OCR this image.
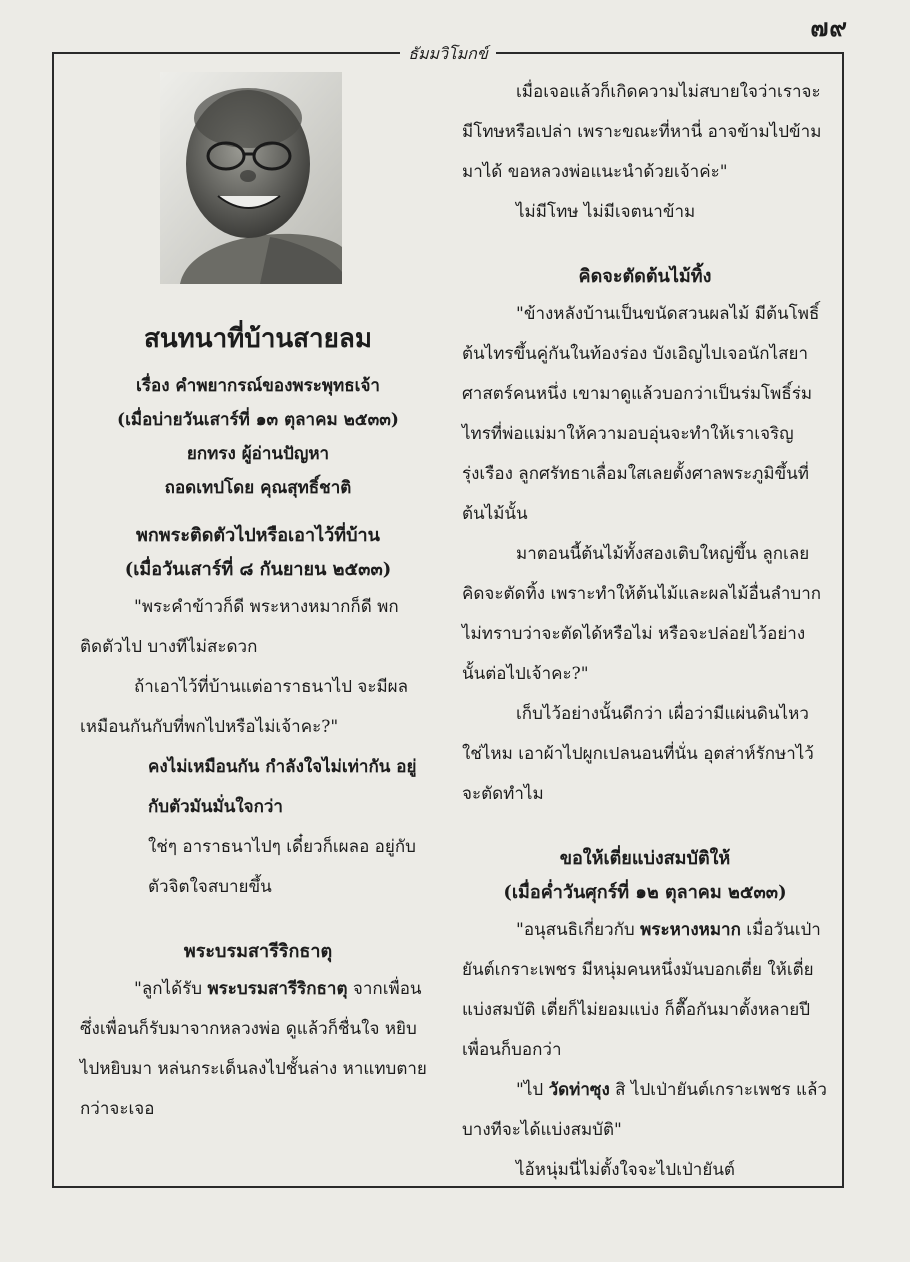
๗๙
ธัมมวิโมกข์
สนทนาที่บ้านสายลม
เรื่อง คำพยากรณ์ของพระพุทธเจ้า
(เมื่อบ่ายวันเสาร์ที่ ๑๓ ตุลาคม ๒๕๓๓)
ยกทรง ผู้อ่านปัญหา
ถอดเทปโดย คุณสุทธิ์ชาติ
พกพระติดตัวไปหรือเอาไว้ที่บ้าน
(เมื่อวันเสาร์ที่ ๘ กันยายน ๒๕๓๓)

"พระคำข้าวก็ดี พระหางหมากก็ดี พกติดตัวไป บางทีไม่สะดวก

ถ้าเอาไว้ที่บ้านแต่อาราธนาไป จะมีผลเหมือนกันกับที่พกไปหรือไม่เจ้าคะ?"

คงไม่เหมือนกัน กำลังใจไม่เท่ากัน อยู่กับตัวมันมั่นใจกว่า

ใช่ๆ อาราธนาไปๆ เดี๋ยวก็เผลอ อยู่กับตัวจิตใจสบายขึ้น

พระบรมสารีริกธาตุ

"ลูกได้รับ พระบรมสารีริกธาตุ จากเพื่อน ซึ่งเพื่อนก็รับมาจากหลวงพ่อ ดูแล้วก็ชื่นใจ หยิบไปหยิบมา หล่นกระเด็นลงไปชั้นล่าง หาแทบตายกว่าจะเจอ

เมื่อเจอแล้วก็เกิดความไม่สบายใจว่าเราจะมีโทษหรือเปล่า เพราะขณะที่หานี่ อาจข้ามไปข้ามมาได้ ขอหลวงพ่อแนะนำด้วยเจ้าค่ะ"

ไม่มีโทษ ไม่มีเจตนาข้าม

คิดจะตัดต้นไม้ทิ้ง

"ข้างหลังบ้านเป็นขนัดสวนผลไม้ มีต้นโพธิ์ต้นไทรขึ้นคู่กันในท้องร่อง บังเอิญไปเจอนักไสยาศาสตร์คนหนึ่ง เขามาดูแล้วบอกว่าเป็นร่มโพธิ์ร่มไทรที่พ่อแม่มาให้ความอบอุ่นจะทำให้เราเจริญรุ่งเรือง ลูกศรัทธาเลื่อมใสเลยตั้งศาลพระภูมิขึ้นที่ต้นไม้นั้น

มาตอนนี้ต้นไม้ทั้งสองเติบใหญ่ขึ้น ลูกเลยคิดจะตัดทิ้ง เพราะทำให้ต้นไม้และผลไม้อื่นลำบาก ไม่ทราบว่าจะตัดได้หรือไม่ หรือจะปล่อยไว้อย่างนั้นต่อไปเจ้าคะ?"

เก็บไว้อย่างนั้นดีกว่า เผื่อว่ามีแผ่นดินไหวใช่ไหม เอาผ้าไปผูกเปลนอนที่นั่น อุตส่าห์รักษาไว้ จะตัดทำไม

ขอให้เตี่ยแบ่งสมบัติให้
(เมื่อค่ำวันศุกร์ที่ ๑๒ ตุลาคม ๒๕๓๓)

"อนุสนธิเกี่ยวกับ พระหางหมาก เมื่อวันเป่ายันต์เกราะเพชร มีหนุ่มคนหนึ่งมันบอกเตี่ย ให้เตี่ยแบ่งสมบัติ เตี่ยก็ไม่ยอมแบ่ง ก็ตื๊อกันมาตั้งหลายปี เพื่อนก็บอกว่า

"ไป วัดท่าซุง สิ ไปเป่ายันต์เกราะเพชร แล้ว บางทีจะได้แบ่งสมบัติ"

ไอ้หนุ่มนี่ไม่ตั้งใจจะไปเป่ายันต์
